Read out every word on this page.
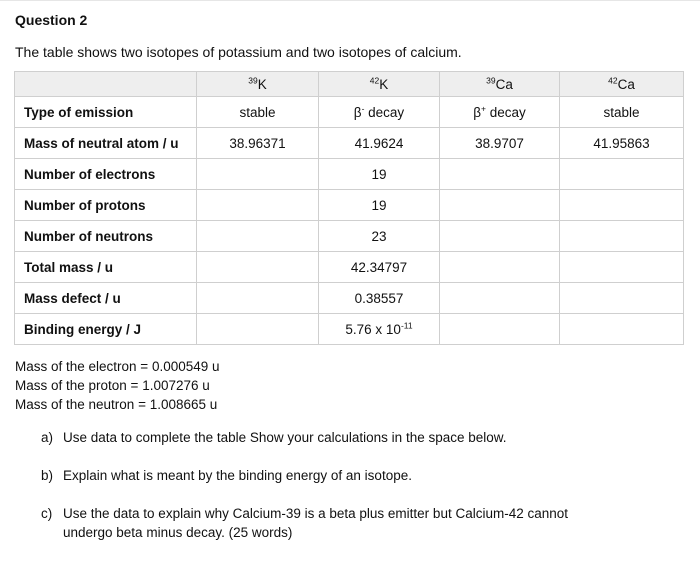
Question 2
The table shows two isotopes of potassium and two isotopes of calcium.
	$^{39}$K	$^{42}$K	$^{39}$Ca	$^{42}$Ca
Type of emission	stable	β- decay	β+ decay	stable
Mass of neutral atom / u	38.96371	41.9624	38.9707	41.95863
Number of electrons		19		
Number of protons		19		
Number of neutrons		23		
Total mass / u		42.34797		
Mass defect / u		0.38557		
Binding energy / J		5.76 x $10^{-11}$		
Mass of the electron = 0.000549 u
Mass of the proton = 1.007276 u
Mass of the neutron = 1.008665 u
a) Use data to complete the table Show your calculations in the space below.
b) Explain what is meant by the binding energy of an isotope.
c) Use the data to explain why Calcium-39 is a beta plus emitter but Calcium-42 cannot undergo beta minus decay. (25 words)
